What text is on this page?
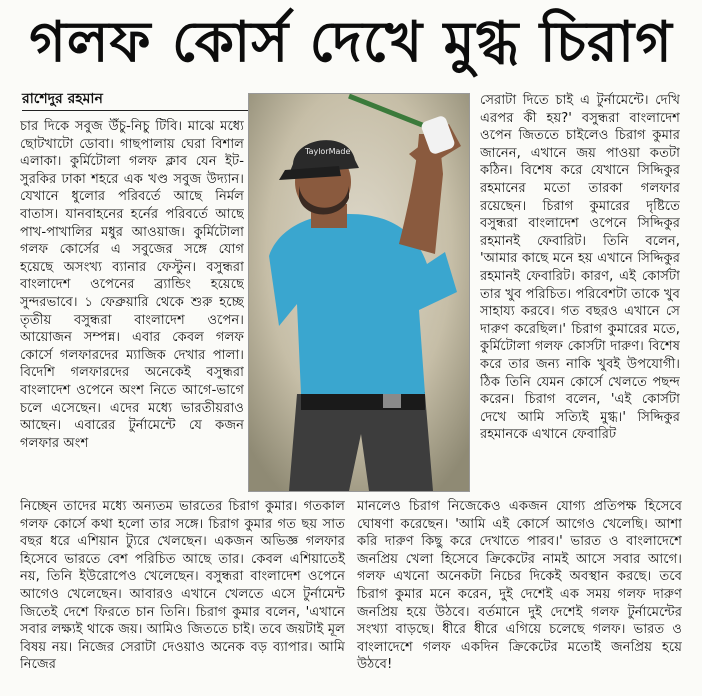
গলফ কোর্স দেখে মুগ্ধ চিরাগ
রাশেদুর রহমান
TaylorMade

চার দিকে সবুজ উঁচু-নিচু টিবি। মাঝে মধ্যে ছোটখাটো ডোবা। গাছপালায় ঘেরা বিশাল এলাকা। কুর্মিটোলা গলফ ক্লাব যেন ইট-সুরকির ঢাকা শহরে এক খণ্ড সবুজ উদ্যান। যেখানে ধুলোর পরিবর্তে আছে নির্মল বাতাস। যানবাহনের হর্নের পরিবর্তে আছে পাখ-পাখালির মধুর আওয়াজ। কুর্মিটোলা গলফ কোর্সের এ সবুজের সঙ্গে যোগ হয়েছে অসংখ্য ব্যানার ফেস্টুন। বসুন্ধরা বাংলাদেশ ওপেনের ব্র্যান্ডিং হয়েছে সুন্দরভাবে। ১ ফেব্রুয়ারি থেকে শুরু হচ্ছে তৃতীয় বসুন্ধরা বাংলাদেশ ওপেন। আয়োজন সম্পন্ন। এবার কেবল গলফ কোর্সে গলফারদের ম্যাজিক দেখার পালা। বিদেশি গলফারদের অনেকেই বসুন্ধরা বাংলাদেশ ওপেনে অংশ নিতে আগে-ভাগে চলে এসেছেন। এদের মধ্যে ভারতীয়রাও আছেন। এবারের টুর্নামেন্টে যে কজন গলফার অংশ

সেরাটা দিতে চাই এ টুর্নামেন্টে। দেখি এরপর কী হয়?' বসুন্ধরা বাংলাদেশ ওপেন জিততে চাইলেও চিরাগ কুমার জানেন, এখানে জয় পাওয়া কতটা কঠিন। বিশেষ করে যেখানে সিদ্দিকুর রহমানের মতো তারকা গলফার রয়েছেন। চিরাগ কুমারের দৃষ্টিতে বসুন্ধরা বাংলাদেশ ওপেনে সিদ্দিকুর রহমানই ফেবারিট। তিনি বলেন, 'আমার কাছে মনে হয় এখানে সিদ্দিকুর রহমানই ফেবারিট। কারণ, এই কোর্সটা তার খুব পরিচিত। পরিবেশটা তাকে খুব সাহায্য করবে। গত বছরও এখানে সে দারুণ করেছিল।' চিরাগ কুমারের মতে, কুর্মিটোলা গলফ কোর্সটা দারুণ। বিশেষ করে তার জন্য নাকি খুবই উপযোগী। ঠিক তিনি যেমন কোর্সে খেলতে পছন্দ করেন। চিরাগ বলেন, 'এই কোর্সটা দেখে আমি সত্যিই মুগ্ধ।' সিদ্দিকুর রহমানকে এখানে ফেবারিট

নিচ্ছেন তাদের মধ্যে অন্যতম ভারতের চিরাগ কুমার। গতকাল গলফ কোর্সে কথা হলো তার সঙ্গে। চিরাগ কুমার গত ছয় সাত বছর ধরে এশিয়ান ট্যুরে খেলছেন। একজন অভিজ্ঞ গলফার হিসেবে ভারতে বেশ পরিচিত আছে তার। কেবল এশিয়াতেই নয়, তিনি ইউরোপেও খেলেছেন। বসুন্ধরা বাংলাদেশ ওপেনে আগেও খেলেছেন। আবারও এখানে খেলতে এসে টুর্নামেন্ট জিতেই দেশে ফিরতে চান তিনি। চিরাগ কুমার বলেন, 'এখানে সবার লক্ষ্যই থাকে জয়। আমিও জিততে চাই। তবে জয়টাই মূল বিষয় নয়। নিজের সেরাটা দেওয়াও অনেক বড় ব্যাপার। আমি নিজের

মানলেও চিরাগ নিজেকেও একজন যোগ্য প্রতিপক্ষ হিসেবে ঘোষণা করেছেন। 'আমি এই কোর্সে আগেও খেলেছি। আশা করি দারুণ কিছু করে দেখাতে পারব।' ভারত ও বাংলাদেশে জনপ্রিয় খেলা হিসেবে ক্রিকেটের নামই আসে সবার আগে। গলফ এখনো অনেকটা নিচের দিকেই অবস্থান করছে। তবে চিরাগ কুমার মনে করেন, দুই দেশেই এক সময় গলফ দারুণ জনপ্রিয় হয়ে উঠবে। বর্তমানে দুই দেশেই গলফ টুর্নামেন্টের সংখ্যা বাড়ছে। ধীরে ধীরে এগিয়ে চলেছে গলফ। ভারত ও বাংলাদেশে গলফ একদিন ক্রিকেটের মতোই জনপ্রিয় হয়ে উঠবে!
